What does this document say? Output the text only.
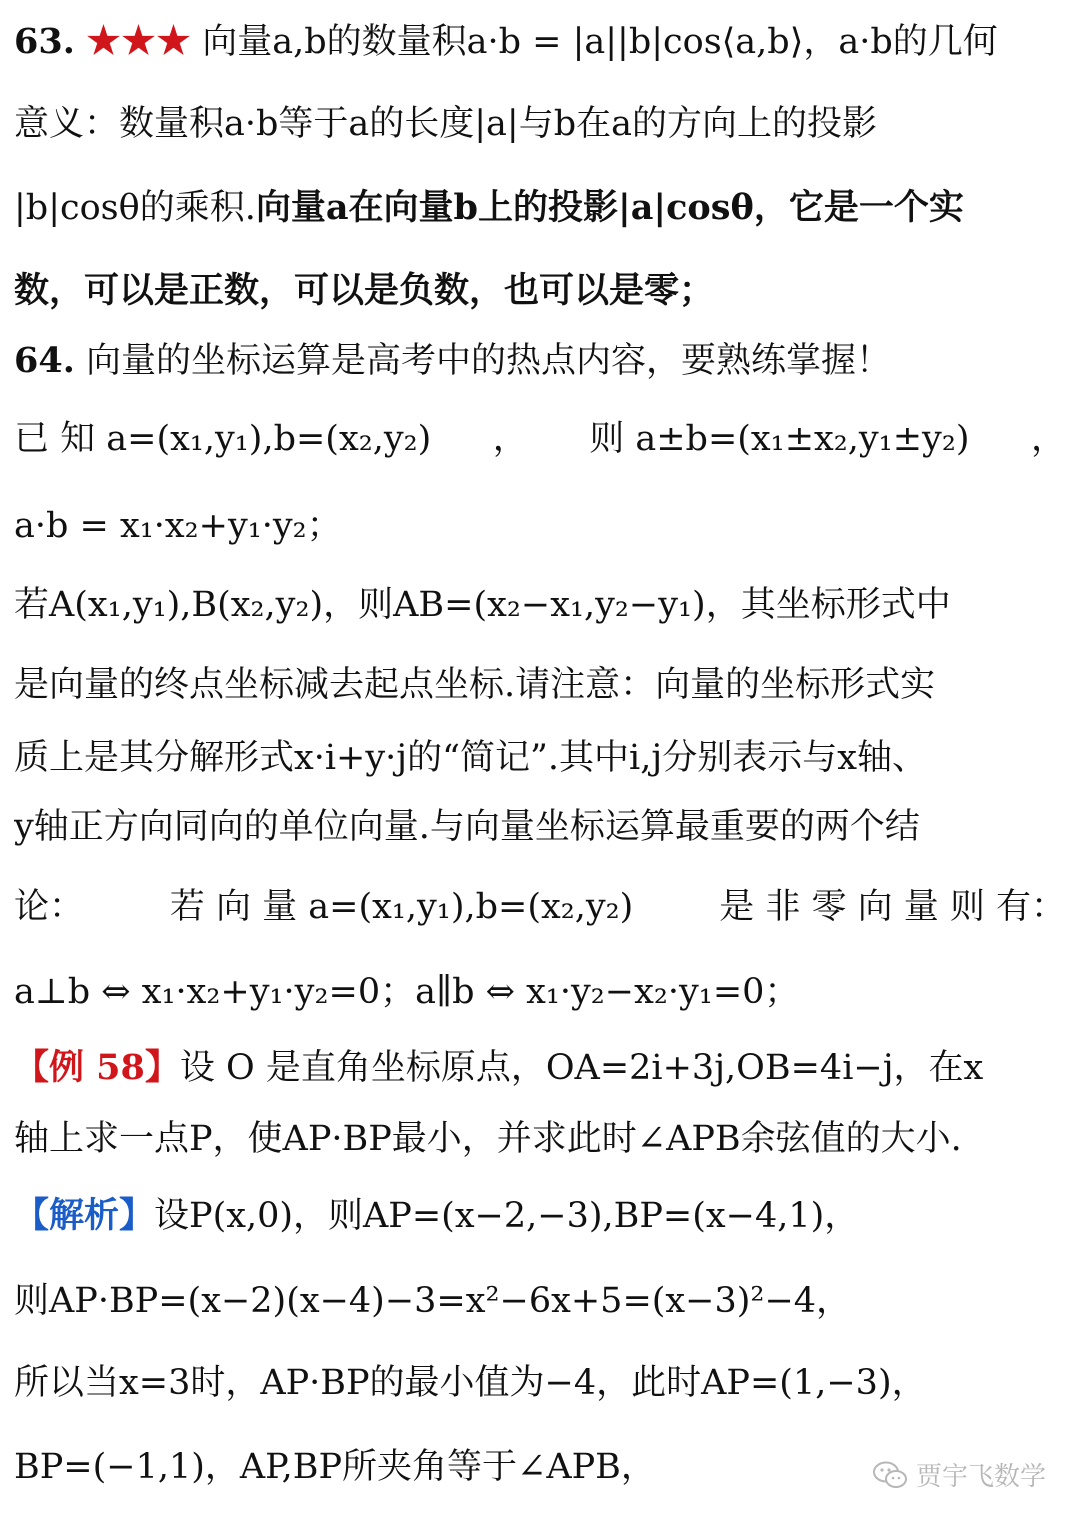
63. ★★★ 向量a,b的数量积a·b = |a||b|cos⟨a,b⟩，a·b的几何
意义：数量积a·b等于a的长度|a|与b在a的方向上的投影
|b|cosθ的乘积.向量a在向量b上的投影|a|cosθ，它是一个实
数，可以是正数，可以是负数，也可以是零；
64. 向量的坐标运算是高考中的热点内容，要熟练掌握！
已 知 a=(x₁,y₁),b=(x₂,y₂) ， 则 a±b=(x₁±x₂,y₁±y₂) ，
a·b = x₁·x₂+y₁·y₂；
若A(x₁,y₁),B(x₂,y₂)，则AB=(x₂−x₁,y₂−y₁)，其坐标形式中
是向量的终点坐标减去起点坐标.请注意：向量的坐标形式实
质上是其分解形式x·i+y·j的“简记”.其中i,j分别表示与x轴、
y轴正方向同向的单位向量.与向量坐标运算最重要的两个结
论： 若 向 量 a=(x₁,y₁),b=(x₂,y₂) 是 非 零 向 量 则 有：
a⊥b ⇔ x₁·x₂+y₁·y₂=0；a∥b ⇔ x₁·y₂−x₂·y₁=0；
【例 58】设 O 是直角坐标原点，OA=2i+3j,OB=4i−j，在x
轴上求一点P，使AP·BP最小，并求此时∠APB余弦值的大小.
【解析】设P(x,0)，则AP=(x−2,−3),BP=(x−4,1)，
则AP·BP=(x−2)(x−4)−3=x²−6x+5=(x−3)²−4，
所以当x=3时，AP·BP的最小值为−4，此时AP=(1,−3)，
BP=(−1,1)，AP,BP所夹角等于∠APB，	贾宇飞数学
